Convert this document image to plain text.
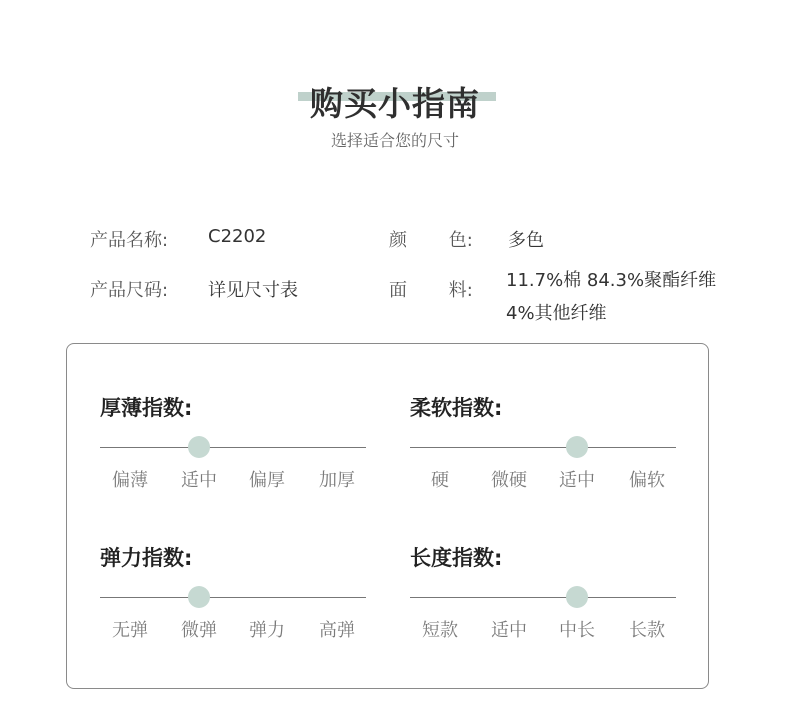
购买小指南
选择适合您的尺寸
产品名称: C2202
产品尺码: 详见尺寸表
颜 色: 多色
面 料: 11.7%棉 84.3%聚酯纤维
4%其他纤维
厚薄指数:
偏薄 适中 偏厚 加厚
柔软指数:
硬 微硬 适中 偏软
弹力指数:
无弹 微弹 弹力 高弹
长度指数:
短款 适中 中长 长款
